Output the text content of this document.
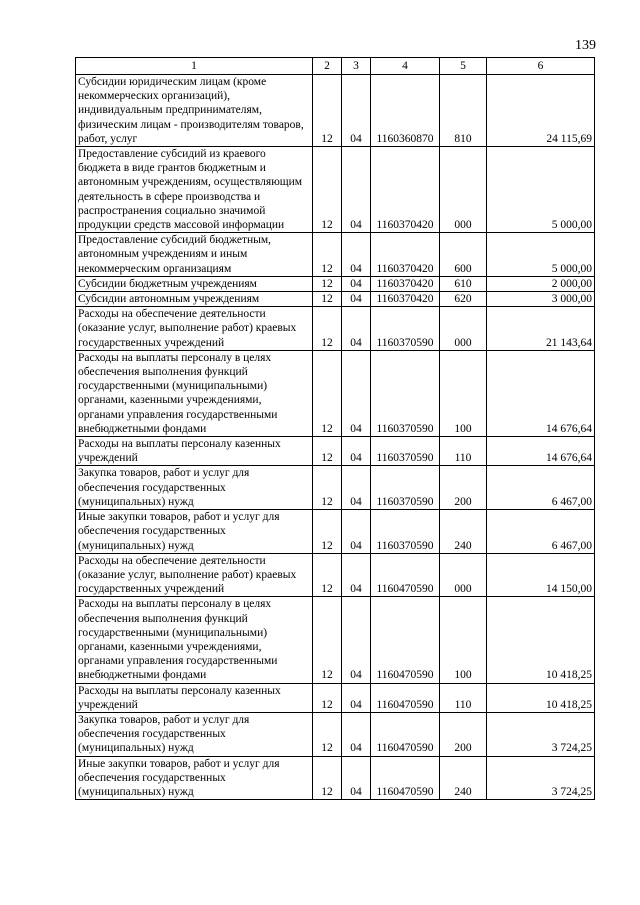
139
1	2	3	4	5	6
Субсидии юридическим лицам (кроме некоммерческих организаций), индивидуальным предпринимателям, физическим лицам - производителям товаров, работ, услуг	12	04	1160360870	810	24 115,69
Предоставление субсидий из краевого бюджета в виде грантов бюджетным и автономным учреждениям, осуществляющим деятельность в сфере производства и распространения социально значимой продукции средств массовой информации	12	04	1160370420	000	5 000,00
Предоставление субсидий бюджетным, автономным учреждениям и иным некоммерческим организациям	12	04	1160370420	600	5 000,00
Субсидии бюджетным учреждениям	12	04	1160370420	610	2 000,00
Субсидии автономным учреждениям	12	04	1160370420	620	3 000,00
Расходы на обеспечение деятельности (оказание услуг, выполнение работ) краевых государственных учреждений	12	04	1160370590	000	21 143,64
Расходы на выплаты персоналу в целях обеспечения выполнения функций государственными (муниципальными) органами, казенными учреждениями, органами управления государственными внебюджетными фондами	12	04	1160370590	100	14 676,64
Расходы на выплаты персоналу казенных учреждений	12	04	1160370590	110	14 676,64
Закупка товаров, работ и услуг для обеспечения государственных (муниципальных) нужд	12	04	1160370590	200	6 467,00
Иные закупки товаров, работ и услуг для обеспечения государственных (муниципальных) нужд	12	04	1160370590	240	6 467,00
Расходы на обеспечение деятельности (оказание услуг, выполнение работ) краевых государственных учреждений	12	04	1160470590	000	14 150,00
Расходы на выплаты персоналу в целях обеспечения выполнения функций государственными (муниципальными) органами, казенными учреждениями, органами управления государственными внебюджетными фондами	12	04	1160470590	100	10 418,25
Расходы на выплаты персоналу казенных учреждений	12	04	1160470590	110	10 418,25
Закупка товаров, работ и услуг для обеспечения государственных (муниципальных) нужд	12	04	1160470590	200	3 724,25
Иные закупки товаров, работ и услуг для обеспечения государственных (муниципальных) нужд	12	04	1160470590	240	3 724,25
